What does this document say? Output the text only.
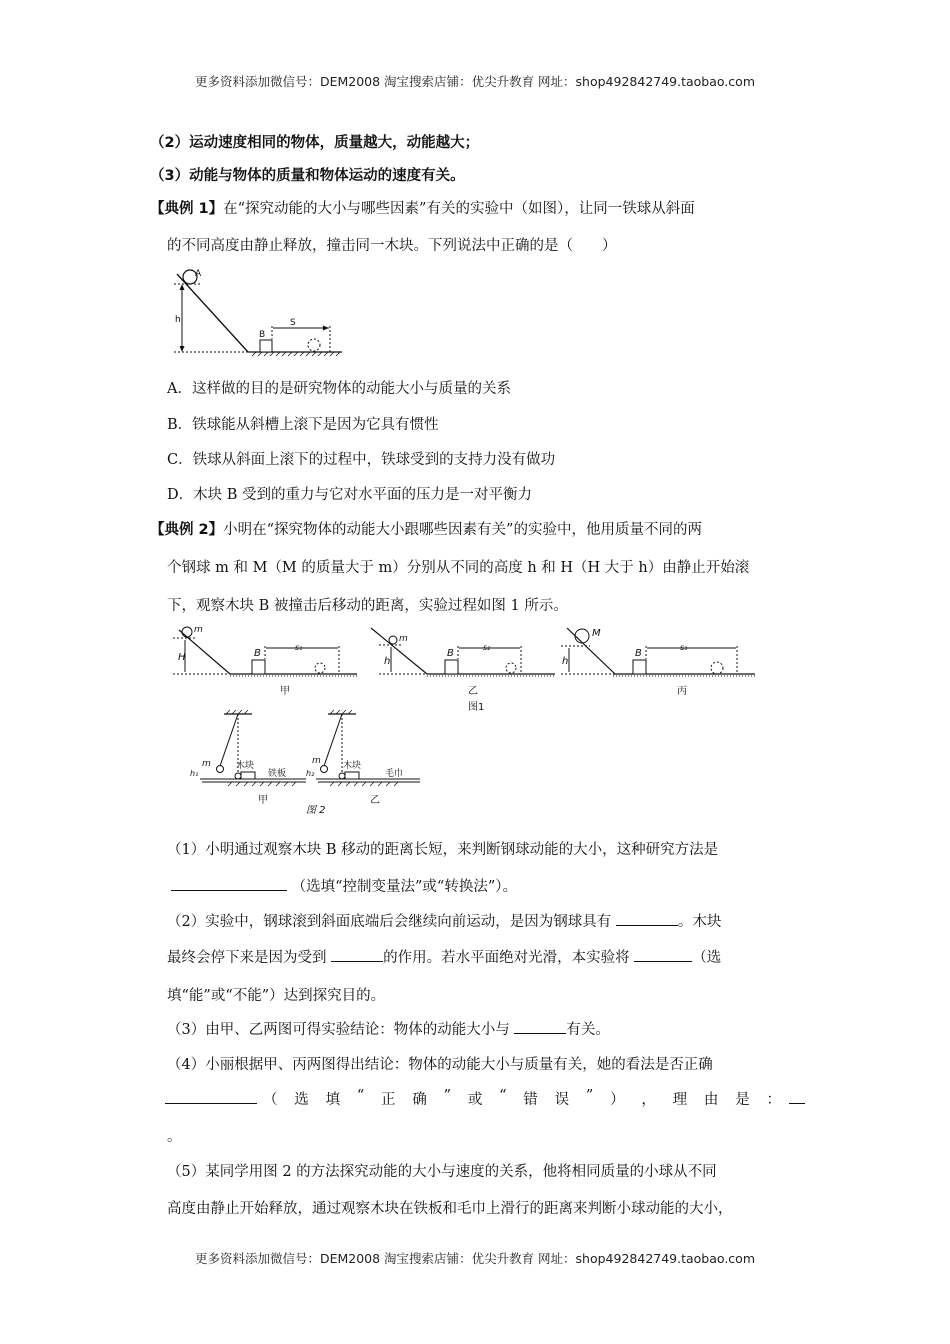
更多资料添加微信号：DEM2008 淘宝搜索店铺：优尖升教育 网址：shop492842749.taobao.com
（2）运动速度相同的物体，质量越大，动能越大；
（3）动能与物体的质量和物体运动的速度有关。
【典例 1】在“探究动能的大小与哪些因素”有关的实验中（如图），让同一铁球从斜面
的不同高度由静止释放，撞击同一木块。下列说法中正确的是（　　）
A
h
B
S
A．这样做的目的是研究物体的动能大小与质量的关系
B．铁球能从斜槽上滚下是因为它具有惯性
C．铁球从斜面上滚下的过程中，铁球受到的支持力没有做功
D．木块 B 受到的重力与它对水平面的压力是一对平衡力
【典例 2】小明在“探究物体的动能大小跟哪些因素有关”的实验中，他用质量不同的两
个钢球 m 和 M（M 的质量大于 m）分别从不同的高度 h 和 H（H 大于 h）由静止开始滚
下，观察木块 B 被撞击后移动的距离，实验过程如图 1 所示。
m
H	B
s₁
甲
m
h
B
s₂
乙
图1
M
h
B
s₃
丙
m
h₁
木块
铁板
甲
m
h₂
木块
毛巾
乙
图 2
（1）小明通过观察木块 B 移动的距离长短，来判断钢球动能的大小，这种研究方法是
（选填“控制变量法”或“转换法”）。
（2）实验中，钢球滚到斜面底端后会继续向前运动，是因为钢球具有	。木块
最终会停下来是因为受到	的作用。若水平面绝对光滑，本实验将	（选
填“能”或“不能”）达到探究目的。
（3）由甲、乙两图可得实验结论：物体的动能大小与	有关。
（4）小丽根据甲、丙两图得出结论：物体的动能大小与质量有关，她的看法是否正确
（ 选 填 “ 正 确 ” 或 “ 错 误 ” ） ， 理 由 是 ：
。
（5）某同学用图 2 的方法探究动能的大小与速度的关系，他将相同质量的小球从不同
高度由静止开始释放，通过观察木块在铁板和毛巾上滑行的距离来判断小球动能的大小，
更多资料添加微信号：DEM2008 淘宝搜索店铺：优尖升教育 网址：shop492842749.taobao.com
